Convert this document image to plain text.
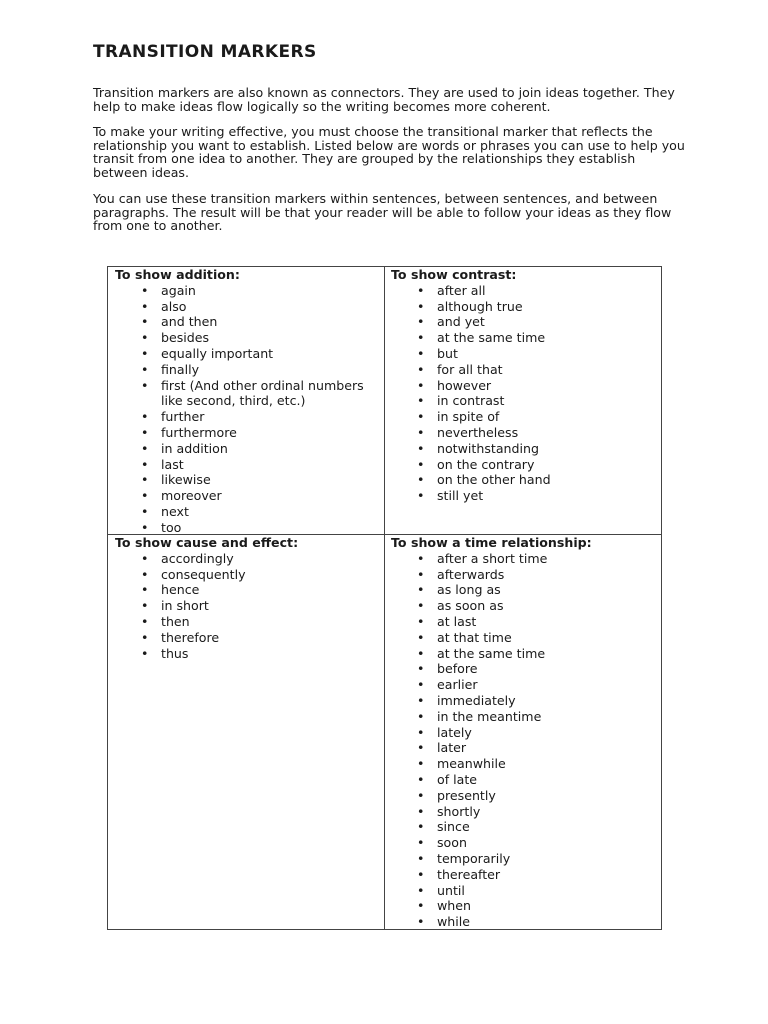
TRANSITION MARKERS

Transition markers are also known as connectors. They are used to join ideas together. They help to make ideas flow logically so the writing becomes more coherent.

To make your writing effective, you must choose the transitional marker that reflects the relationship you want to establish. Listed below are words or phrases you can use to help you transit from one idea to another. They are grouped by the relationships they establish between ideas.

You can use these transition markers within sentences, between sentences, and between paragraphs. The result will be that your reader will be able to follow your ideas as they flow from one to another.

To show addition:
• again
• also
• and then
• besides
• equally important
• finally
• first (And other ordinal numbers like second, third, etc.)
• further
• furthermore
• in addition
• last
• likewise
• moreover
• next
• too
To show contrast:
• after all
• although true
• and yet
• at the same time
• but
• for all that
• however
• in contrast
• in spite of
• nevertheless
• notwithstanding
• on the contrary
• on the other hand
• still yet
To show cause and effect:
• accordingly
• consequently
• hence
• in short
• then
• therefore
• thus
To show a time relationship:
• after a short time
• afterwards
• as long as
• as soon as
• at last
• at that time
• at the same time
• before
• earlier
• immediately
• in the meantime
• lately
• later
• meanwhile
• of late
• presently
• shortly
• since
• soon
• temporarily
• thereafter
• until
• when
• while
